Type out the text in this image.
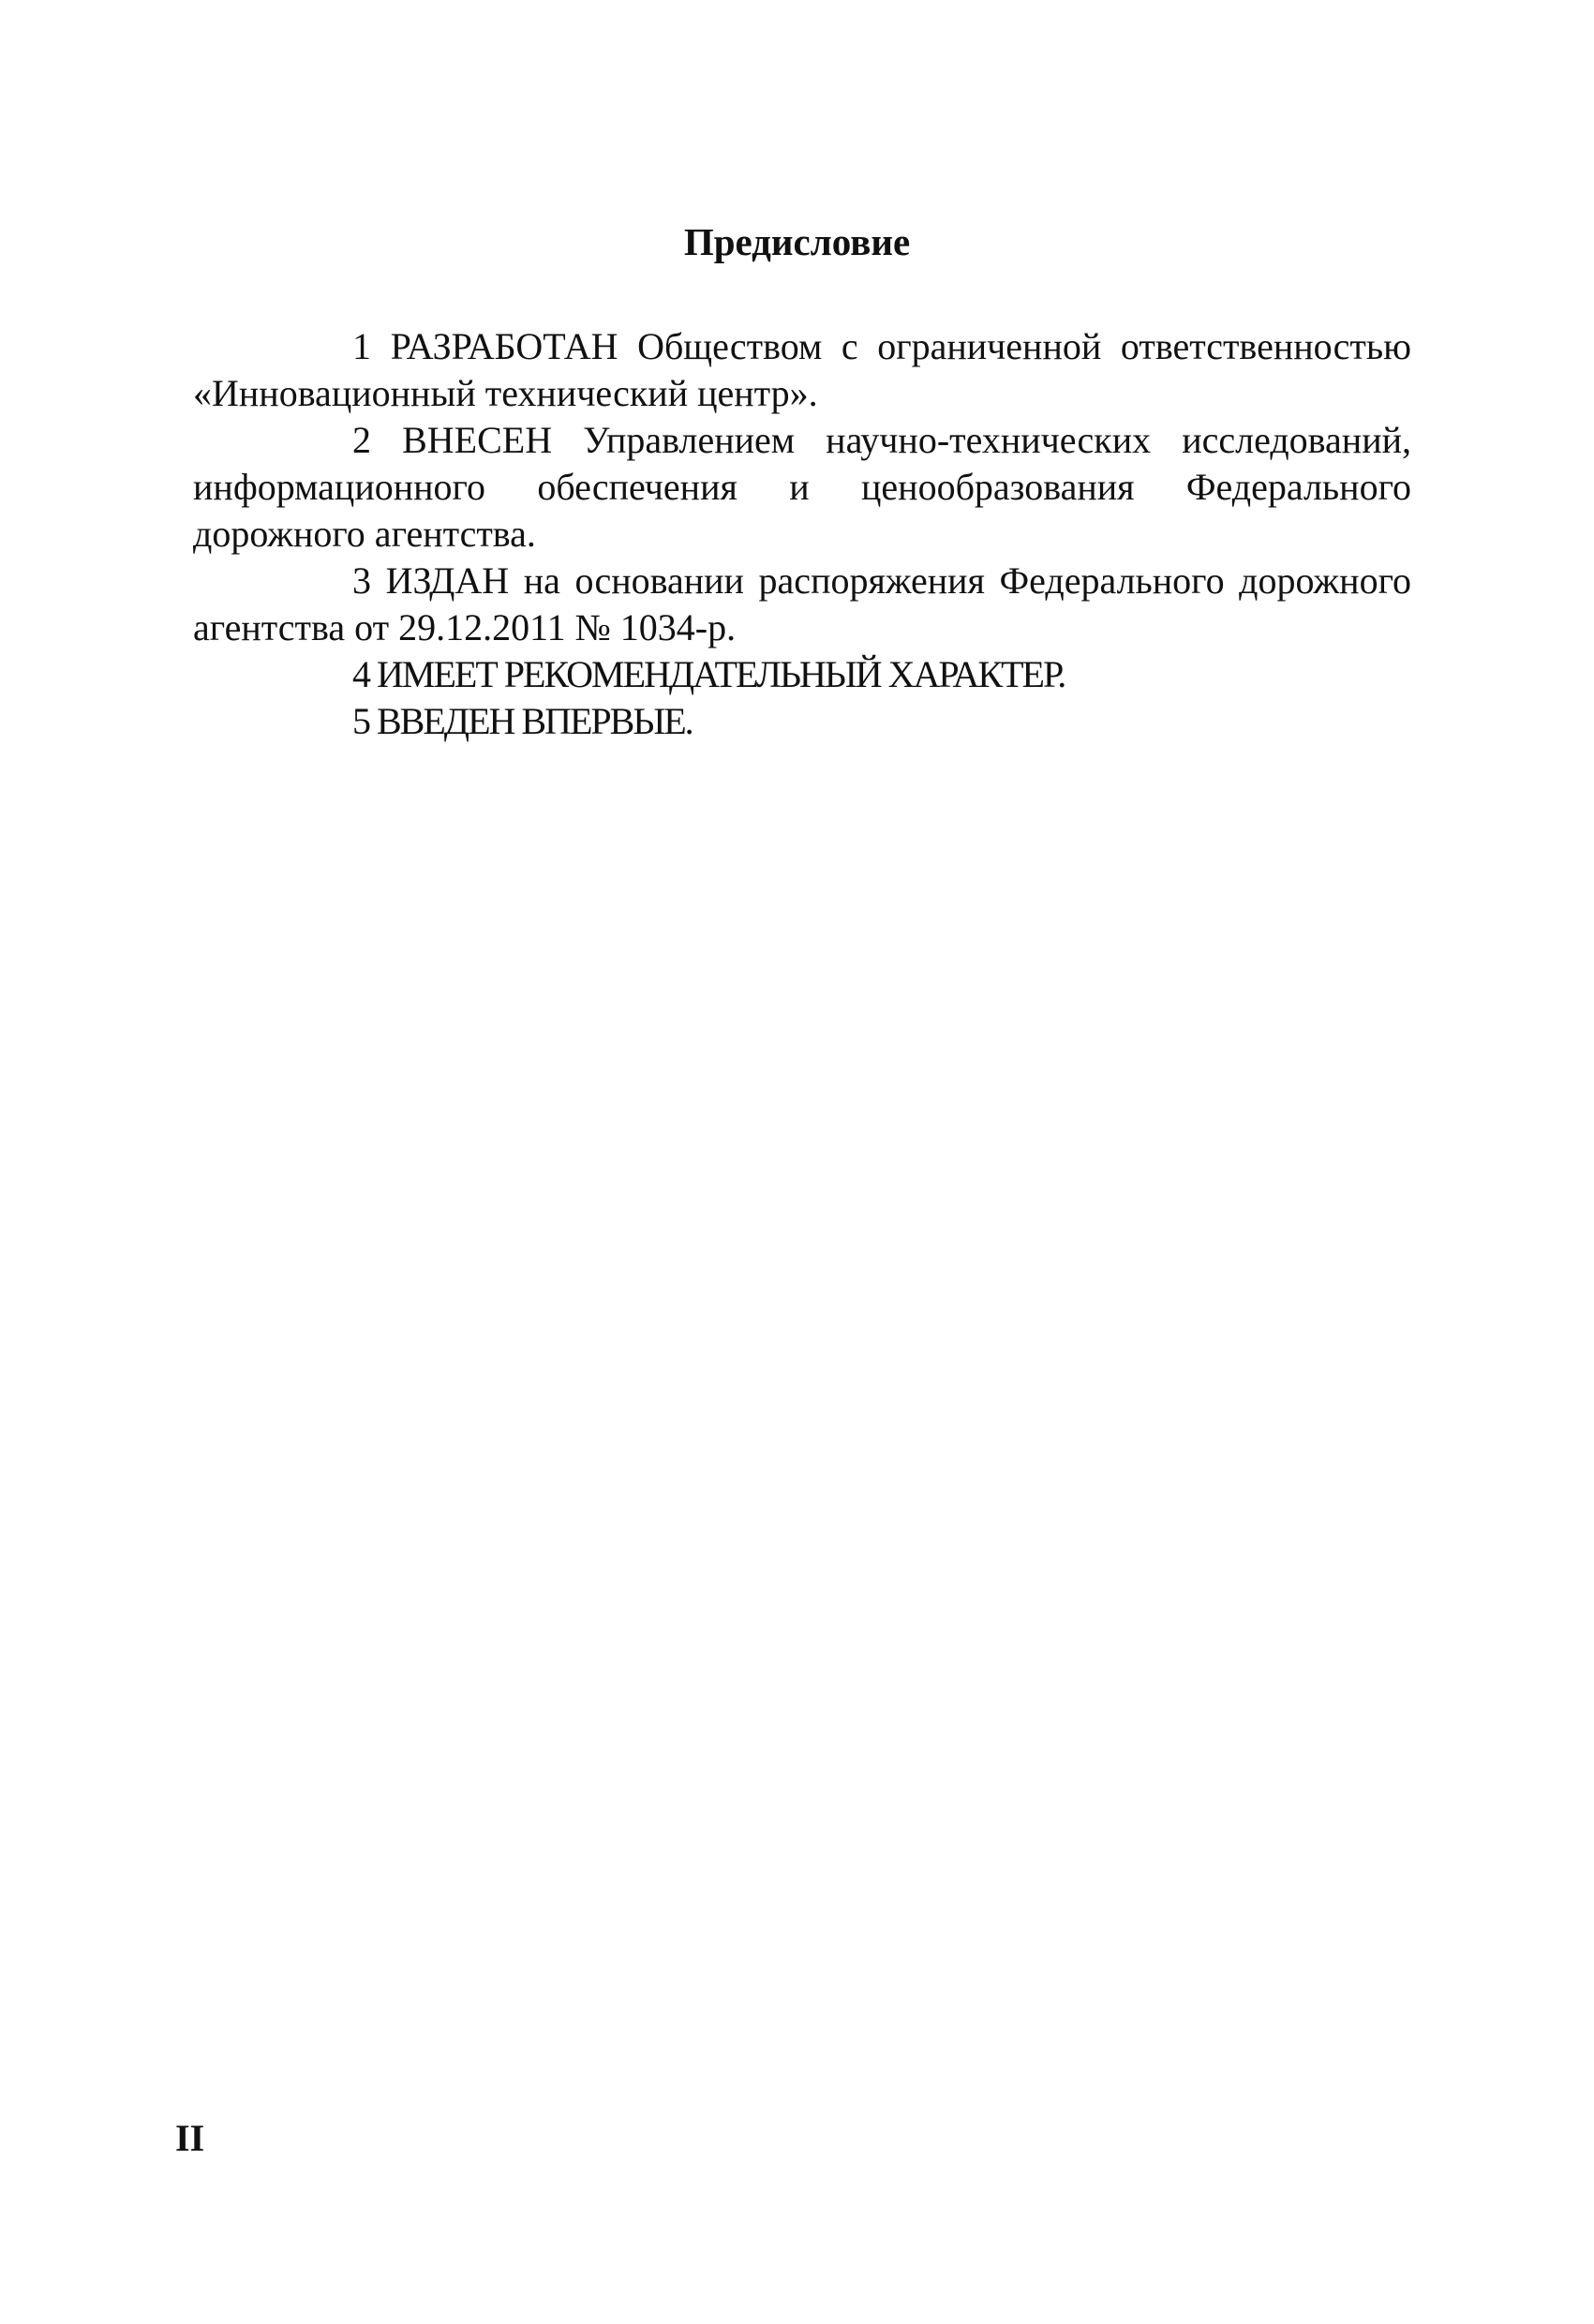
Предисловие

1 РАЗРАБОТАН Обществом с ограниченной ответственностью «Инновационный технический центр».

2 ВНЕСЕН Управлением научно-технических исследований, информационного обеспечения и ценообразования Федерального дорожного агентства.

3 ИЗДАН на основании распоряжения Федерального дорожного агентства от 29.12.2011 № 1034-р.

4 ИМЕЕТ РЕКОМЕНДАТЕЛЬНЫЙ ХАРАКТЕР.

5 ВВЕДЕН ВПЕРВЫЕ.

II
